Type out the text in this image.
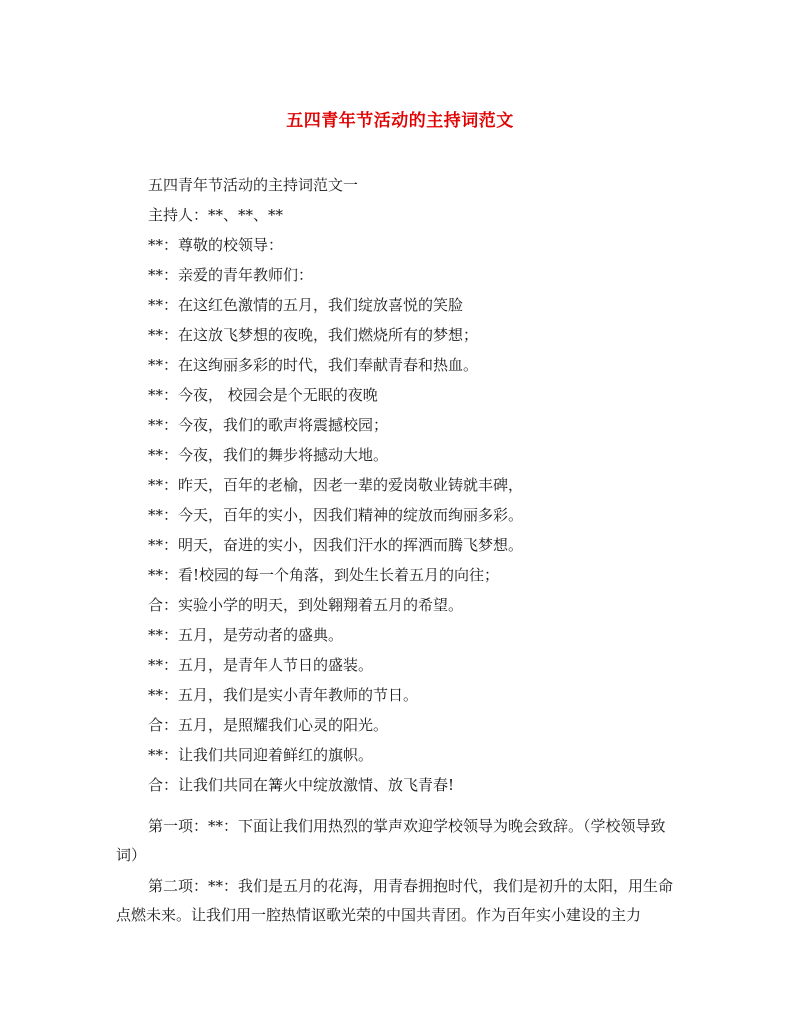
五四青年节活动的主持词范文
五四青年节活动的主持词范文一
主持人：**、**、**
**：尊敬的校领导：
**：亲爱的青年教师们：
**：在这红色激情的五月，我们绽放喜悦的笑脸
**：在这放飞梦想的夜晚，我们燃烧所有的梦想；
**：在这绚丽多彩的时代，我们奉献青春和热血。
**：今夜， 校园会是个无眠的夜晚
**：今夜，我们的歌声将震撼校园；
**：今夜，我们的舞步将撼动大地。
**：昨天，百年的老榆，因老一辈的爱岗敬业铸就丰碑，
**：今天，百年的实小，因我们精神的绽放而绚丽多彩。
**：明天，奋进的实小，因我们汗水的挥洒而腾飞梦想。
**：看!校园的每一个角落，到处生长着五月的向往；
合：实验小学的明天，到处翱翔着五月的希望。
**：五月，是劳动者的盛典。
**：五月，是青年人节日的盛装。
**：五月，我们是实小青年教师的节日。
合：五月，是照耀我们心灵的阳光。
**：让我们共同迎着鲜红的旗帜。
合：让我们共同在篝火中绽放激情、放飞青春!
第一项：**：下面让我们用热烈的掌声欢迎学校领导为晚会致辞。（学校领导致词）
第二项：**：我们是五月的花海，用青春拥抱时代，我们是初升的太阳，用生命点燃未来。让我们用一腔热情讴歌光荣的中国共青团。作为百年实小建设的主力
